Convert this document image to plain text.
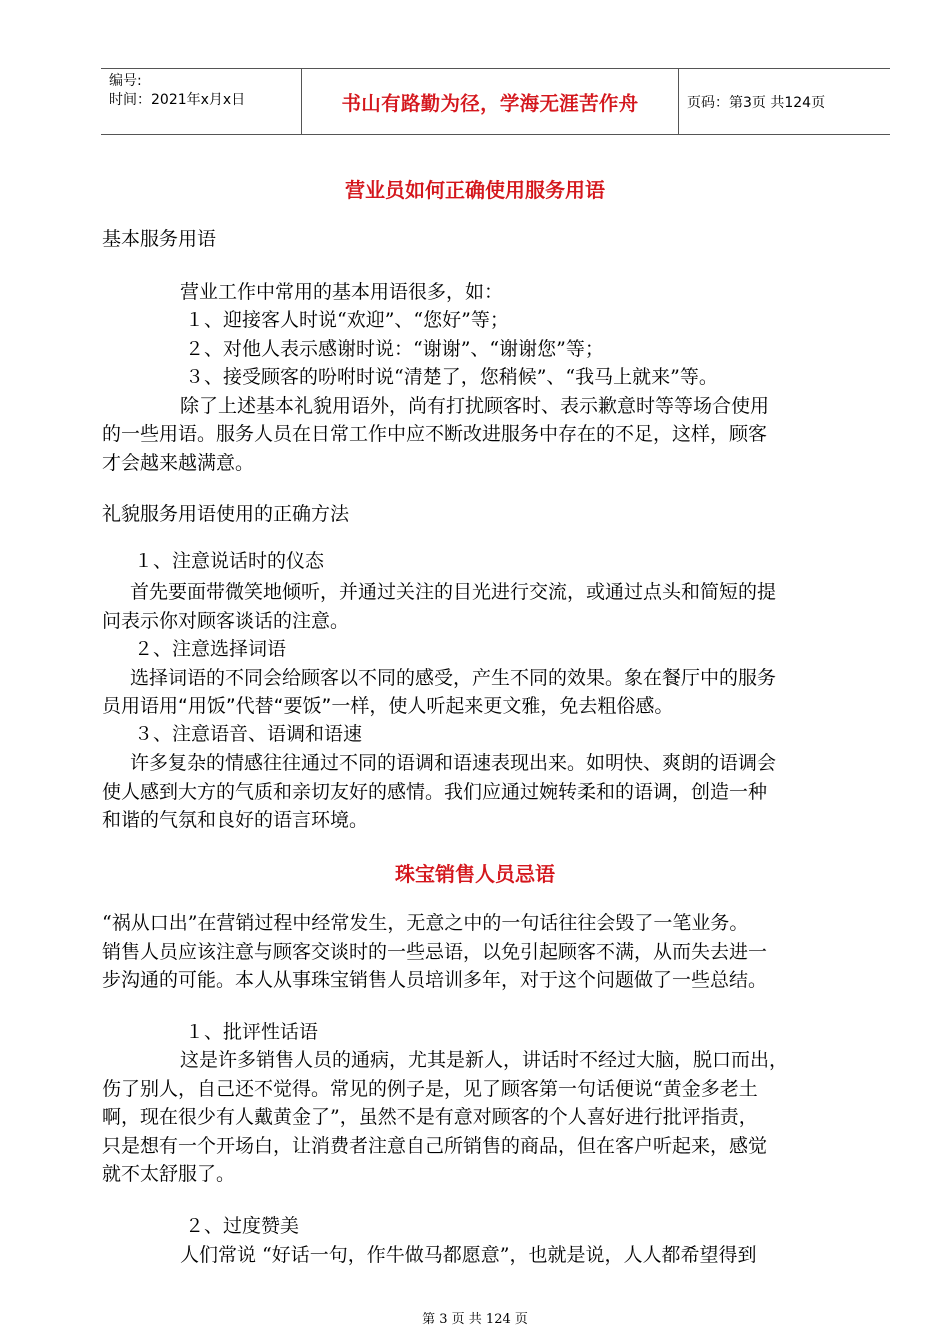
编号:
时间：2021年x月x日	书山有路勤为径，学海无涯苦作舟	页码：第3页 共124页
营业员如何正确使用服务用语
基本服务用语
营业工作中常用的基本用语很多，如：
１、迎接客人时说“欢迎”、“您好”等；
２、对他人表示感谢时说：“谢谢”、“谢谢您”等；
３、接受顾客的吩咐时说“清楚了，您稍候”、“我马上就来”等。
除了上述基本礼貌用语外，尚有打扰顾客时、表示歉意时等等场合使用
的一些用语。服务人员在日常工作中应不断改进服务中存在的不足，这样，顾客
才会越来越满意。
礼貌服务用语使用的正确方法
１、注意说话时的仪态
首先要面带微笑地倾听，并通过关注的目光进行交流，或通过点头和简短的提
问表示你对顾客谈话的注意。
２、注意选择词语
选择词语的不同会给顾客以不同的感受，产生不同的效果。象在餐厅中的服务
员用语用“用饭”代替“要饭”一样，使人听起来更文雅，免去粗俗感。
３、注意语音、语调和语速
许多复杂的情感往往通过不同的语调和语速表现出来。如明快、爽朗的语调会
使人感到大方的气质和亲切友好的感情。我们应通过婉转柔和的语调，创造一种
和谐的气氛和良好的语言环境。
珠宝销售人员忌语
“祸从口出”在营销过程中经常发生，无意之中的一句话往往会毁了一笔业务。
销售人员应该注意与顾客交谈时的一些忌语，以免引起顾客不满，从而失去进一
步沟通的可能。本人从事珠宝销售人员培训多年，对于这个问题做了一些总结。
１、批评性话语
这是许多销售人员的通病，尤其是新人，讲话时不经过大脑，脱口而出，
伤了别人，自己还不觉得。常见的例子是，见了顾客第一句话便说“黄金多老土
啊，现在很少有人戴黄金了”，虽然不是有意对顾客的个人喜好进行批评指责，
只是想有一个开场白，让消费者注意自己所销售的商品，但在客户听起来，感觉
就不太舒服了。
２、过度赞美
人们常说 “好话一句，作牛做马都愿意”，也就是说，人人都希望得到
第 3 页 共 124 页
